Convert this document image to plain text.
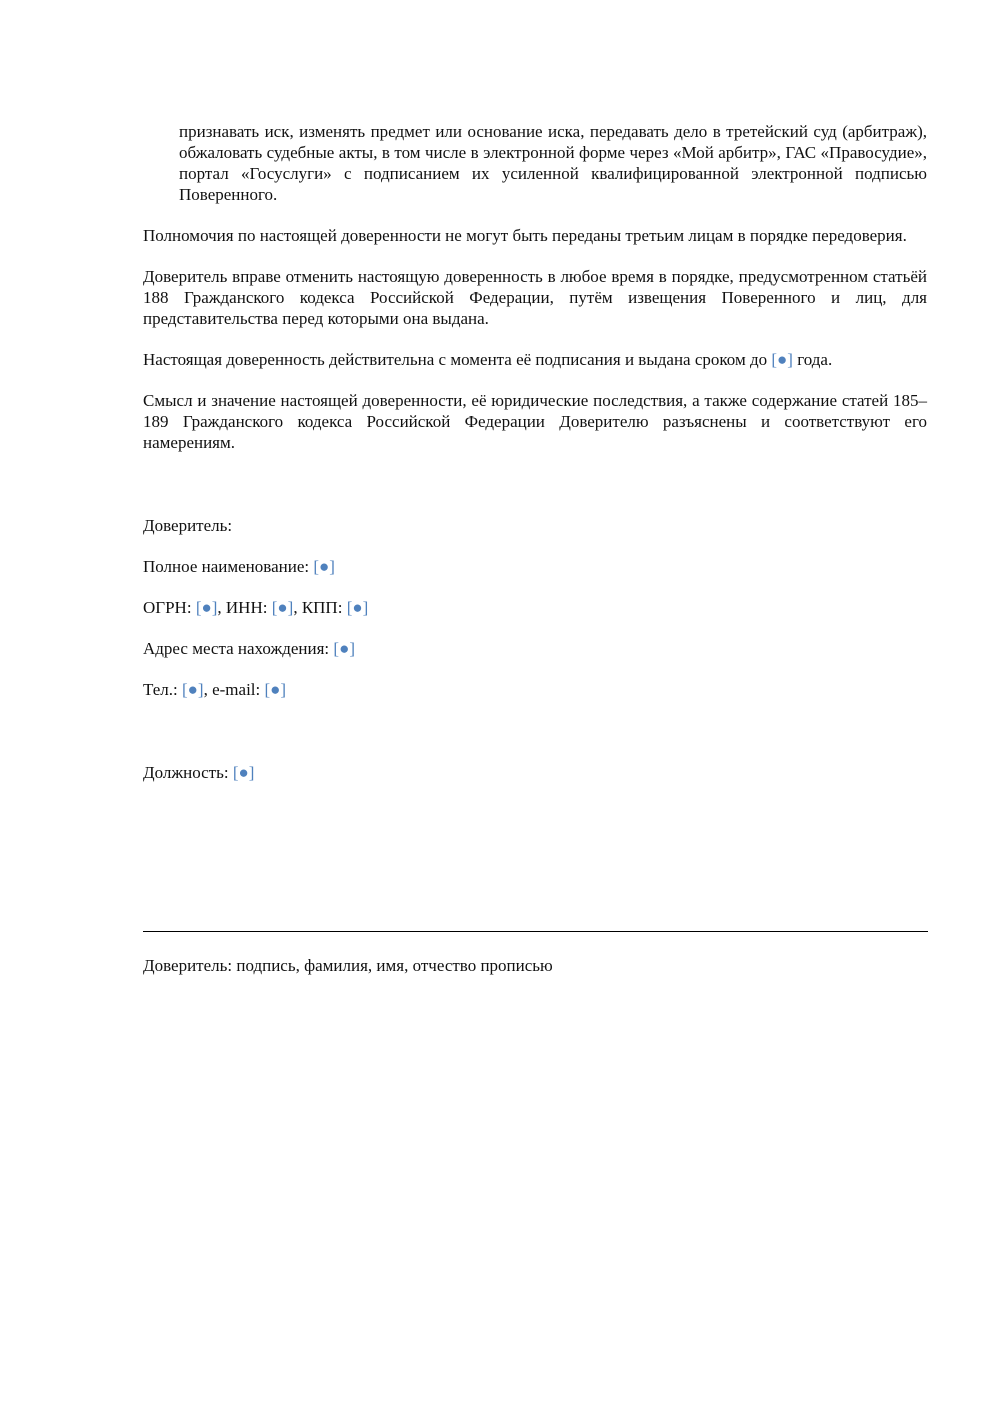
признавать иск, изменять предмет или основание иска, передавать дело в третейский суд (арбитраж), обжаловать судебные акты, в том числе в электронной форме через «Мой арбитр», ГАС «Правосудие», портал «Госуслуги» с подписанием их усиленной квалифицированной электронной подписью Поверенного.

Полномочия по настоящей доверенности не могут быть переданы третьим лицам в порядке передоверия.

Доверитель вправе отменить настоящую доверенность в любое время в порядке, предусмотренном статьёй 188 Гражданского кодекса Российской Федерации, путём извещения Поверенного и лиц, для представительства перед которыми она выдана.

Настоящая доверенность действительна с момента её подписания и выдана сроком до [●] года.

Смысл и значение настоящей доверенности, её юридические последствия, а также содержание статей 185–189 Гражданского кодекса Российской Федерации Доверителю разъяснены и соответствуют его намерениям.

Доверитель:

Полное наименование: [●]

ОГРН: [●], ИНН: [●], КПП: [●]

Адрес места нахождения: [●]

Тел.: [●], e-mail: [●]

Должность: [●]

Доверитель: подпись, фамилия, имя, отчество прописью
